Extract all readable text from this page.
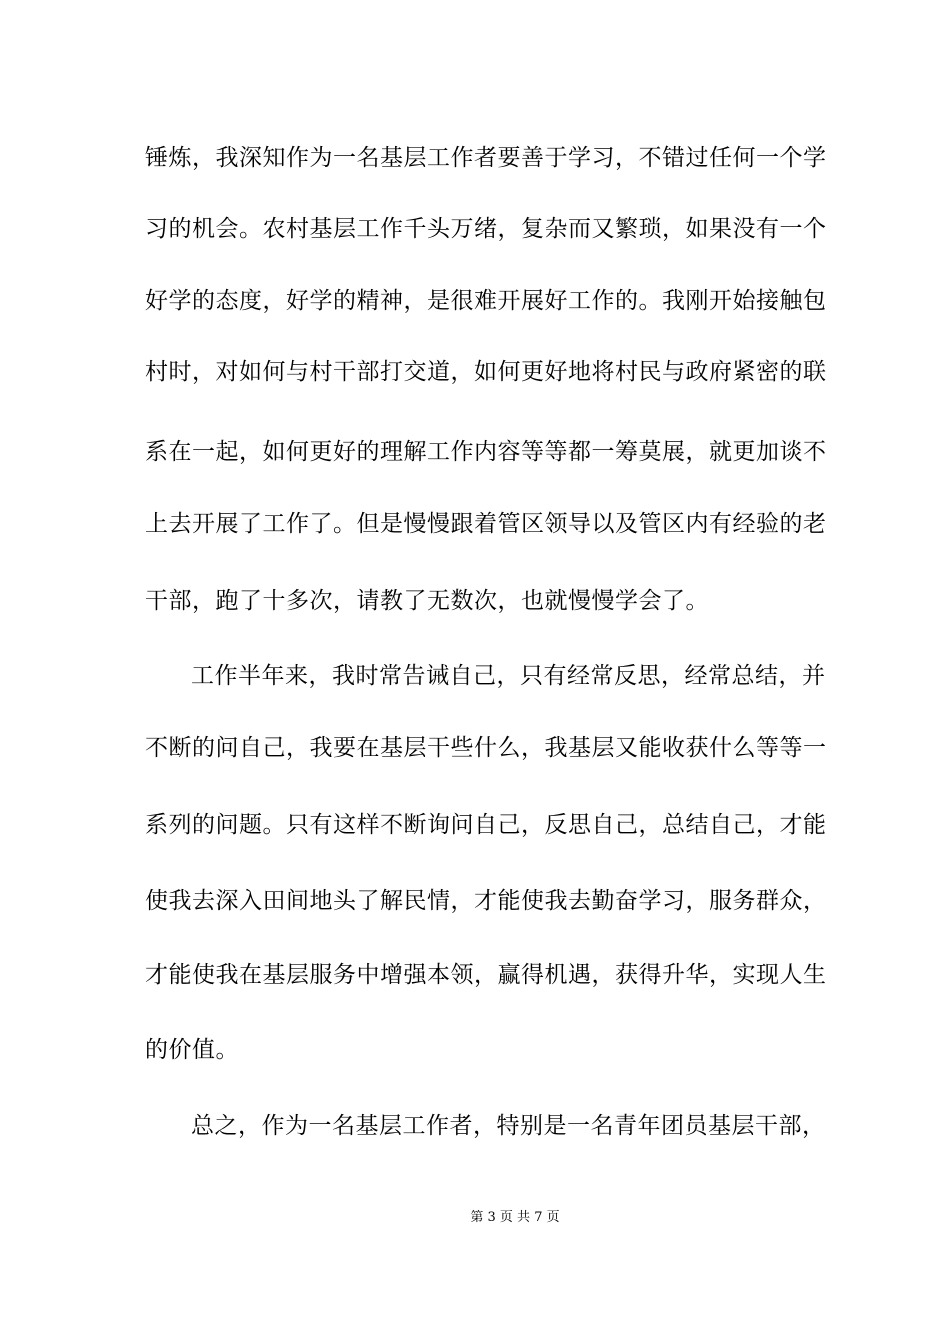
锤炼，我深知作为一名基层工作者要善于学习，不错过任何一个学
习的机会。农村基层工作千头万绪，复杂而又繁琐，如果没有一个
好学的态度，好学的精神，是很难开展好工作的。我刚开始接触包
村时，对如何与村干部打交道，如何更好地将村民与政府紧密的联
系在一起，如何更好的理解工作内容等等都一筹莫展，就更加谈不
上去开展了工作了。但是慢慢跟着管区领导以及管区内有经验的老
干部，跑了十多次，请教了无数次，也就慢慢学会了。
工作半年来，我时常告诫自己，只有经常反思，经常总结，并
不断的问自己，我要在基层干些什么，我基层又能收获什么等等一
系列的问题。只有这样不断询问自己，反思自己，总结自己，才能
使我去深入田间地头了解民情，才能使我去勤奋学习，服务群众，
才能使我在基层服务中增强本领，赢得机遇，获得升华，实现人生
的价值。
总之，作为一名基层工作者，特别是一名青年团员基层干部，
第 3 页 共 7 页
